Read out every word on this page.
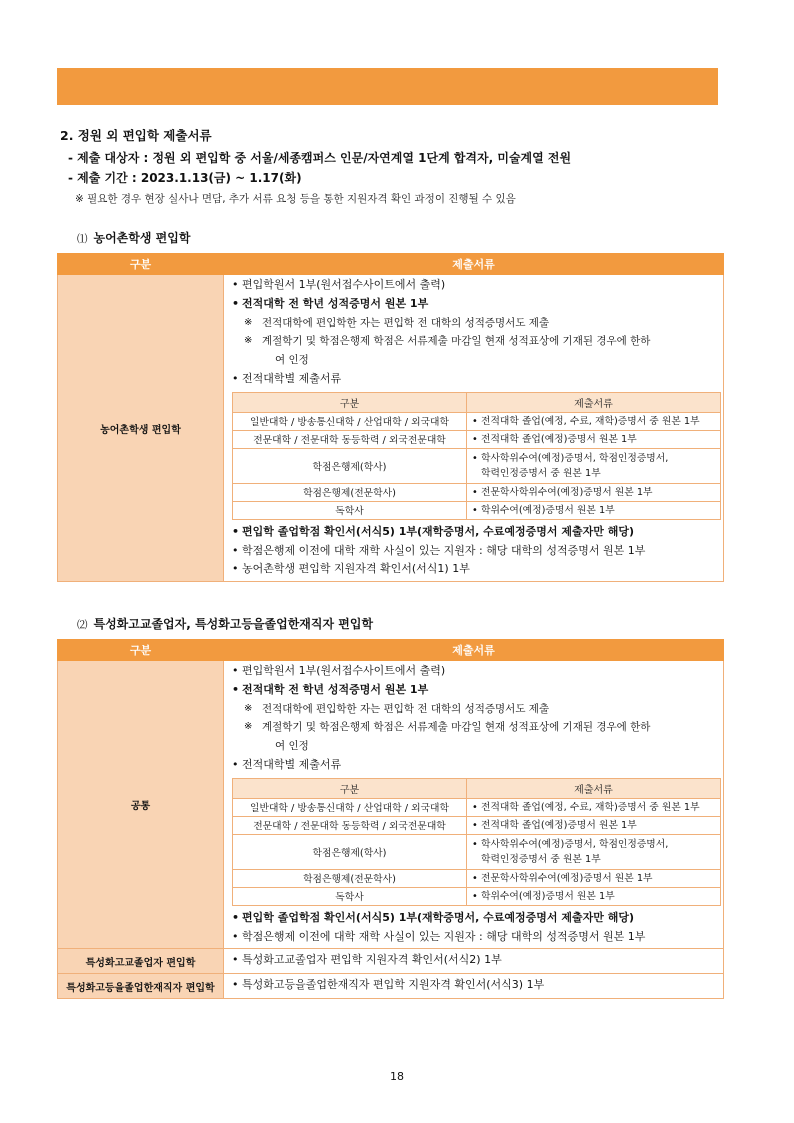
2. 정원 외 편입학 제출서류
- 제출 대상자 : 정원 외 편입학 중 서울/세종캠퍼스 인문/자연계열 1단계 합격자, 미술계열 전원
- 제출 기간 : 2023.1.13(금) ~ 1.17(화)
※ 필요한 경우 현장 실사나 면담, 추가 서류 요청 등을 통한 지원자격 확인 과정이 진행될 수 있음
⑴ 농어촌학생 편입학
구분	제출서류
농어촌학생 편입학	
• 편입학원서 1부(원서접수사이트에서 출력)
• 전적대학 전 학년 성적증명서 원본 1부
※ 전적대학에 편입학한 자는 편입학 전 대학의 성적증명서도 제출
※ 계절학기 및 학점은행제 학점은 서류제출 마감일 현재 성적표상에 기재된 경우에 한하
여 인정
• 전적대학별 제출서류
구분	제출서류
일반대학 / 방송통신대학 / 산업대학 / 외국대학	
•전적대학 졸업(예정, 수료, 재학)증명서 중 원본 1부

전문대학 / 전문대학 동등학력 / 외국전문대학	
•전적대학 졸업(예정)증명서 원본 1부

학점은행제(학사)	
• 학사학위수여(예정)증명서, 학점인정증명서,
학력인정증명서 중 원본 1부

학점은행제(전문학사)	
•전문학사학위수여(예정)증명서 원본 1부

독학사	
•학위수여(예정)증명서 원본 1부
• 편입학 졸업학점 확인서(서식5) 1부(재학증명서, 수료예정증명서 제출자만 해당)
• 학점은행제 이전에 대학 재학 사실이 있는 지원자 : 해당 대학의 성적증명서 원본 1부
• 농어촌학생 편입학 지원자격 확인서(서식1) 1부
⑵ 특성화고교졸업자, 특성화고등을졸업한재직자 편입학
구분	제출서류
공통	
• 편입학원서 1부(원서접수사이트에서 출력)
• 전적대학 전 학년 성적증명서 원본 1부
※ 전적대학에 편입학한 자는 편입학 전 대학의 성적증명서도 제출
※ 계절학기 및 학점은행제 학점은 서류제출 마감일 현재 성적표상에 기재된 경우에 한하
여 인정
• 전적대학별 제출서류
구분	제출서류
일반대학 / 방송통신대학 / 산업대학 / 외국대학	
•전적대학 졸업(예정, 수료, 재학)증명서 중 원본 1부

전문대학 / 전문대학 동등학력 / 외국전문대학	
•전적대학 졸업(예정)증명서 원본 1부

학점은행제(학사)	
• 학사학위수여(예정)증명서, 학점인정증명서,
학력인정증명서 중 원본 1부

학점은행제(전문학사)	
•전문학사학위수여(예정)증명서 원본 1부

독학사	
•학위수여(예정)증명서 원본 1부
• 편입학 졸업학점 확인서(서식5) 1부(재학증명서, 수료예정증명서 제출자만 해당)
• 학점은행제 이전에 대학 재학 사실이 있는 지원자 : 해당 대학의 성적증명서 원본 1부

특성화고교졸업자 편입학	
•특성화고교졸업자 편입학 지원자격 확인서(서식2) 1부

특성화고등을졸업한재직자 편입학	
•특성화고등을졸업한재직자 편입학 지원자격 확인서(서식3) 1부
18
